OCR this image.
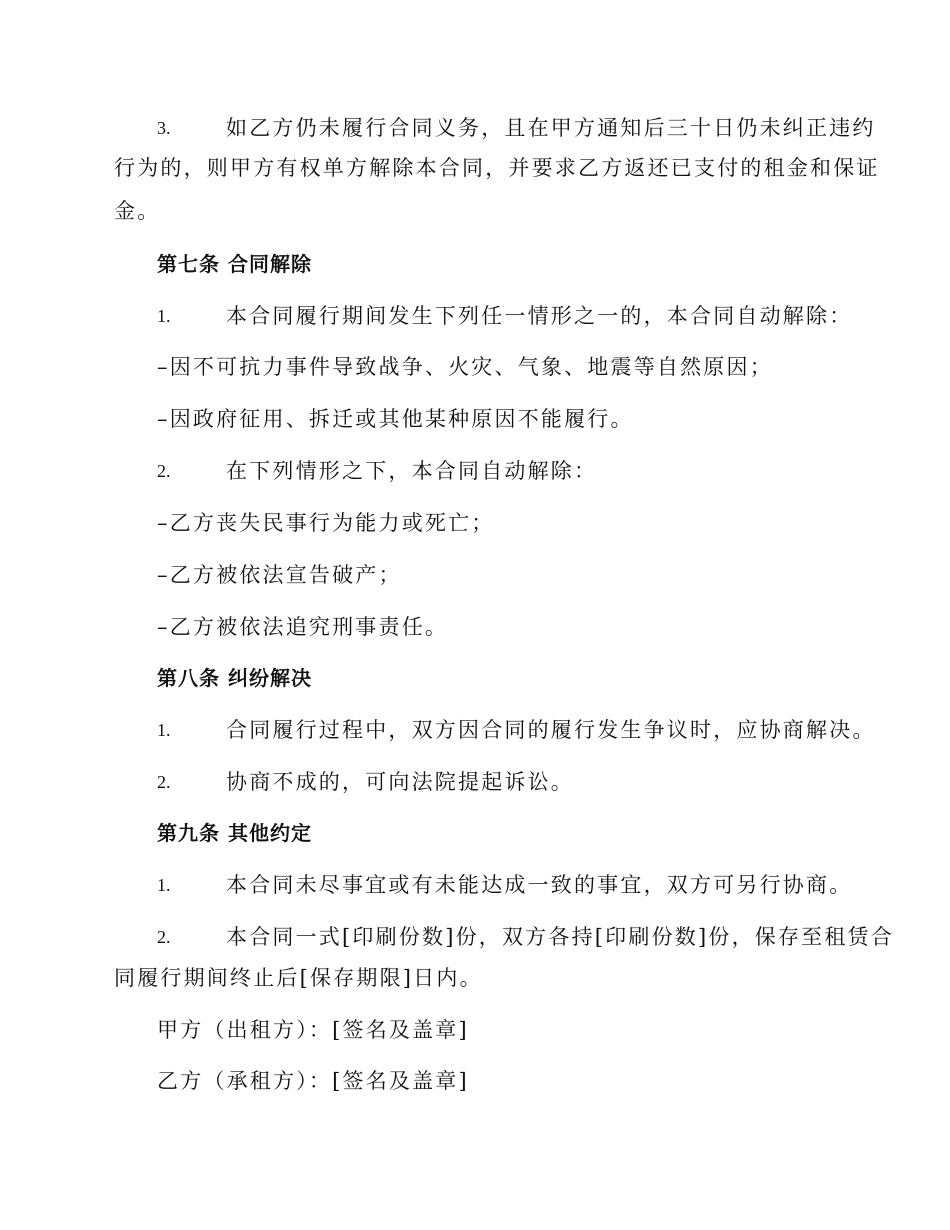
3.	如乙方仍未履行合同义务，且在甲方通知后三十日仍未纠正违约
行为的，则甲方有权单方解除本合同，并要求乙方返还已支付的租金和保证
金。
第七条 合同解除
1.	本合同履行期间发生下列任一情形之一的，本合同自动解除：
–因不可抗力事件导致战争、火灾、气象、地震等自然原因；
–因政府征用、拆迁或其他某种原因不能履行。
2.	在下列情形之下，本合同自动解除：
–乙方丧失民事行为能力或死亡；
–乙方被依法宣告破产；
–乙方被依法追究刑事责任。
第八条 纠纷解决
1.	合同履行过程中，双方因合同的履行发生争议时，应协商解决。
2.	协商不成的，可向法院提起诉讼。
第九条 其他约定
1.	本合同未尽事宜或有未能达成一致的事宜，双方可另行协商。
2.	本合同一式[印刷份数]份，双方各持[印刷份数]份，保存至租赁合
同履行期间终止后[保存期限]日内。
甲方（出租方）：[签名及盖章]
乙方（承租方）：[签名及盖章]
